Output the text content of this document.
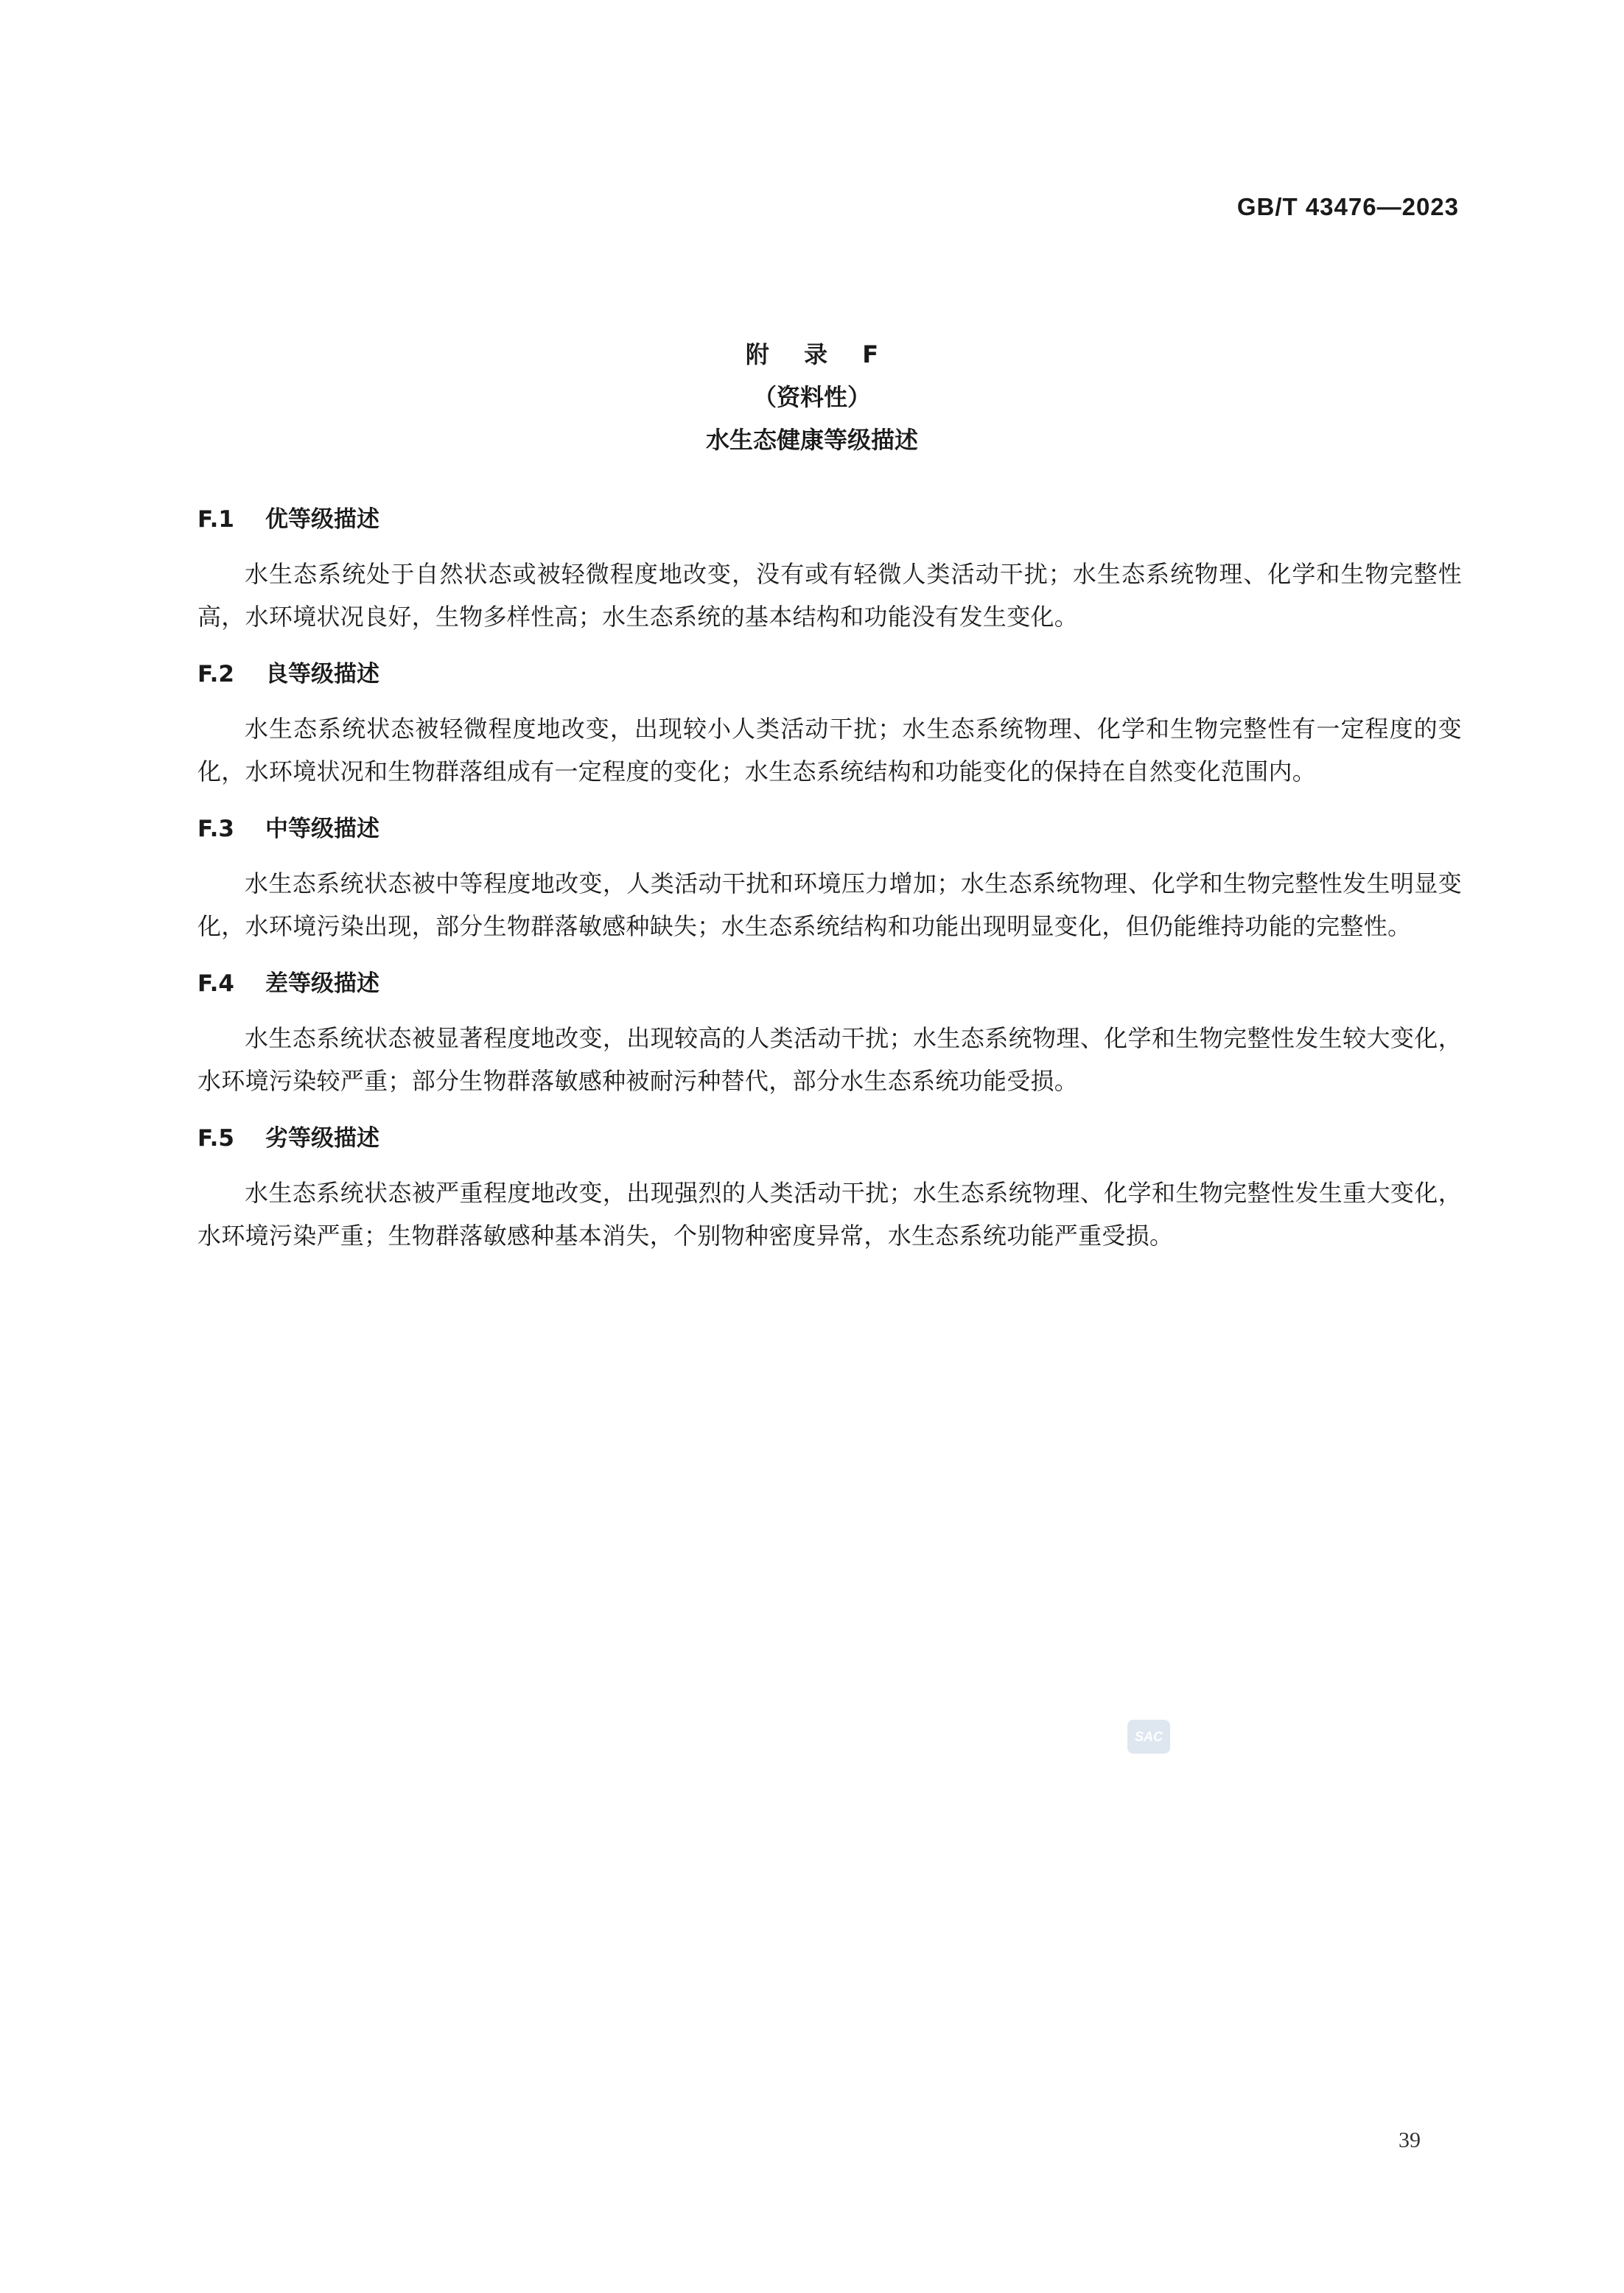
GB/T 43476—2023
附 录 F
（资料性）
水生态健康等级描述
F.1 优等级描述
水生态系统处于自然状态或被轻微程度地改变，没有或有轻微人类活动干扰；水生态系统物理、化学和生物完整性高，水环境状况良好，生物多样性高；水生态系统的基本结构和功能没有发生变化。
F.2 良等级描述
水生态系统状态被轻微程度地改变，出现较小人类活动干扰；水生态系统物理、化学和生物完整性有一定程度的变化，水环境状况和生物群落组成有一定程度的变化；水生态系统结构和功能变化的保持在自然变化范围内。
F.3 中等级描述
水生态系统状态被中等程度地改变，人类活动干扰和环境压力增加；水生态系统物理、化学和生物完整性发生明显变化，水环境污染出现，部分生物群落敏感种缺失；水生态系统结构和功能出现明显变化，但仍能维持功能的完整性。
F.4 差等级描述
水生态系统状态被显著程度地改变，出现较高的人类活动干扰；水生态系统物理、化学和生物完整性发生较大变化，水环境污染较严重；部分生物群落敏感种被耐污种替代，部分水生态系统功能受损。
F.5 劣等级描述
水生态系统状态被严重程度地改变，出现强烈的人类活动干扰；水生态系统物理、化学和生物完整性发生重大变化，水环境污染严重；生物群落敏感种基本消失，个别物种密度异常，水生态系统功能严重受损。
SAC
39
